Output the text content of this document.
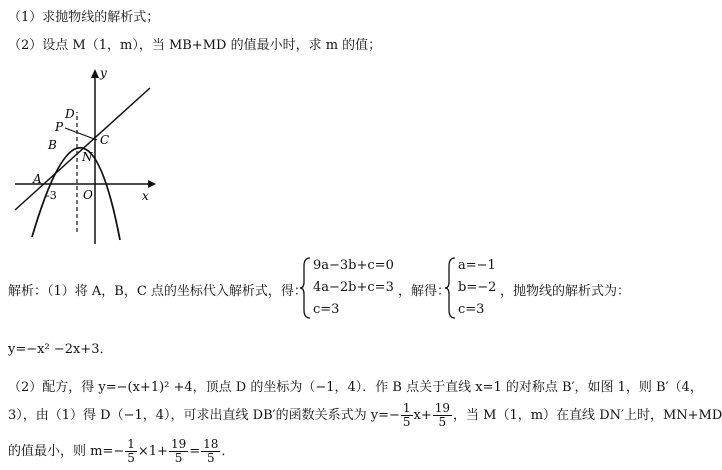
（1）求抛物线的解析式；
（2）设点 M（1，m），当 MB+MD 的值最小时，求 m 的值；
y
x
D
P
B	C
N
A
O
-3
解析：（1）将 A，B，C 点的坐标代入解析式，得：
9a−3b+c=0
4a−2b+c=3
c=3
，解得：
a=−1
b=−2
c=3
，抛物线的解析式为：
y=−x² −2x+3．
（2）配方，得 y=−(x+1)² +4，顶点 D 的坐标为（−1，4）．作 B 点关于直线 x=1 的对称点 B′，如图 1，则 B′（4，
3），由（1）得 D（−1，4），可求出直线 DB′的函数关系式为 $y=- \frac{1}{5} x+ \frac{19}{5}$ ，当 M（1，m）在直线 DN′上时，MN+MD
的值最小，则 $m=- \frac{1}{5} \times 1+ \frac{19}{5} = \frac{18}{5}$ ．
